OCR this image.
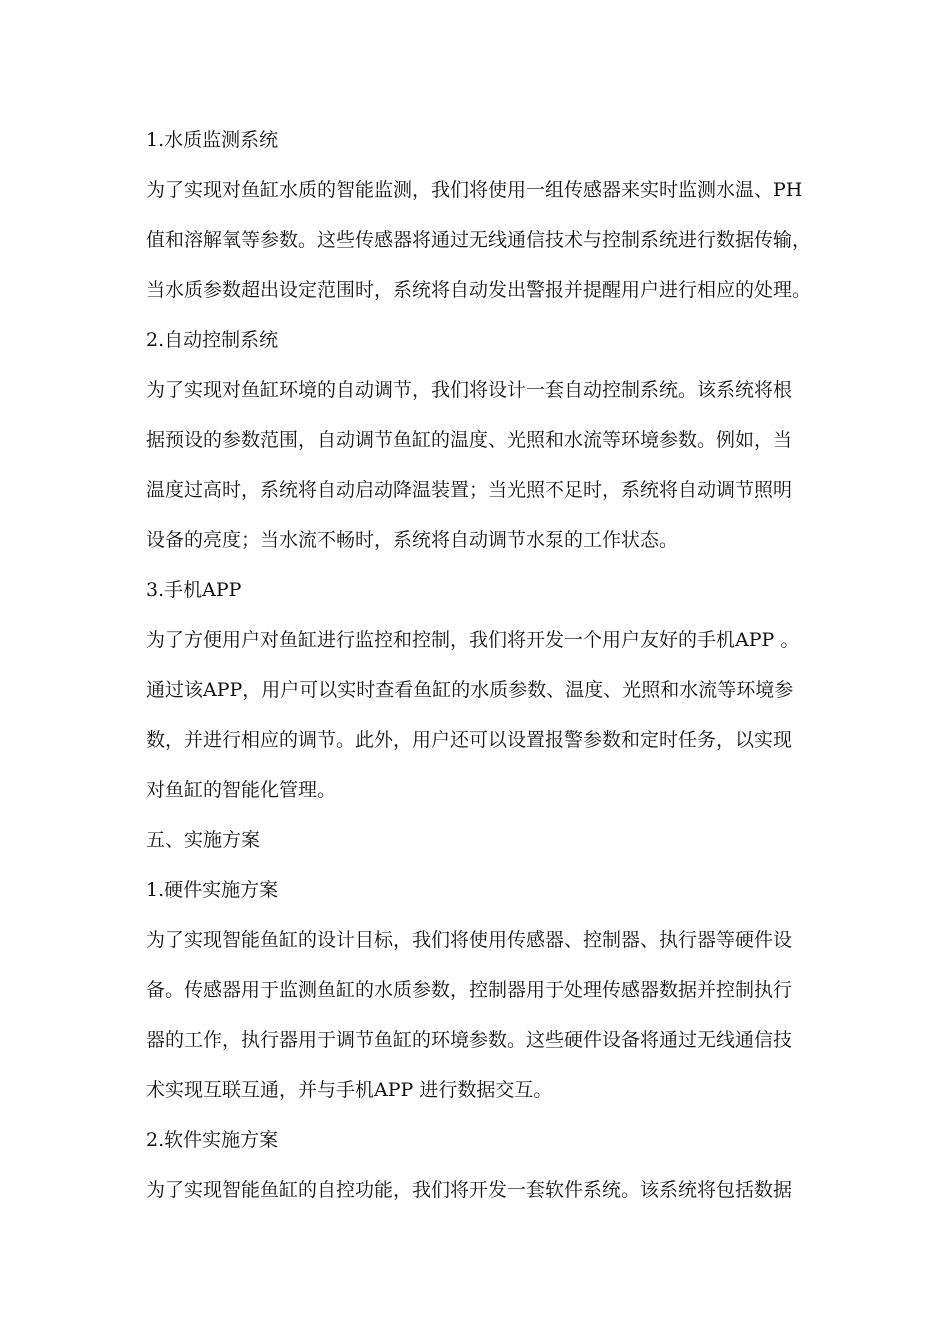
1.水质监测系统
为了实现对鱼缸水质的智能监测，我们将使用一组传感器来实时监测水温、PH
值和溶解氧等参数。这些传感器将通过无线通信技术与控制系统进行数据传输，
当水质参数超出设定范围时，系统将自动发出警报并提醒用户进行相应的处理。
2.自动控制系统
为了实现对鱼缸环境的自动调节，我们将设计一套自动控制系统。该系统将根
据预设的参数范围，自动调节鱼缸的温度、光照和水流等环境参数。例如，当
温度过高时，系统将自动启动降温装置；当光照不足时，系统将自动调节照明
设备的亮度；当水流不畅时，系统将自动调节水泵的工作状态。
3.手机APP
为了方便用户对鱼缸进行监控和控制，我们将开发一个用户友好的手机APP 。
通过该APP，用户可以实时查看鱼缸的水质参数、温度、光照和水流等环境参
数，并进行相应的调节。此外，用户还可以设置报警参数和定时任务，以实现
对鱼缸的智能化管理。
五、实施方案
1.硬件实施方案
为了实现智能鱼缸的设计目标，我们将使用传感器、控制器、执行器等硬件设
备。传感器用于监测鱼缸的水质参数，控制器用于处理传感器数据并控制执行
器的工作，执行器用于调节鱼缸的环境参数。这些硬件设备将通过无线通信技
术实现互联互通，并与手机APP 进行数据交互。
2.软件实施方案
为了实现智能鱼缸的自控功能，我们将开发一套软件系统。该系统将包括数据
